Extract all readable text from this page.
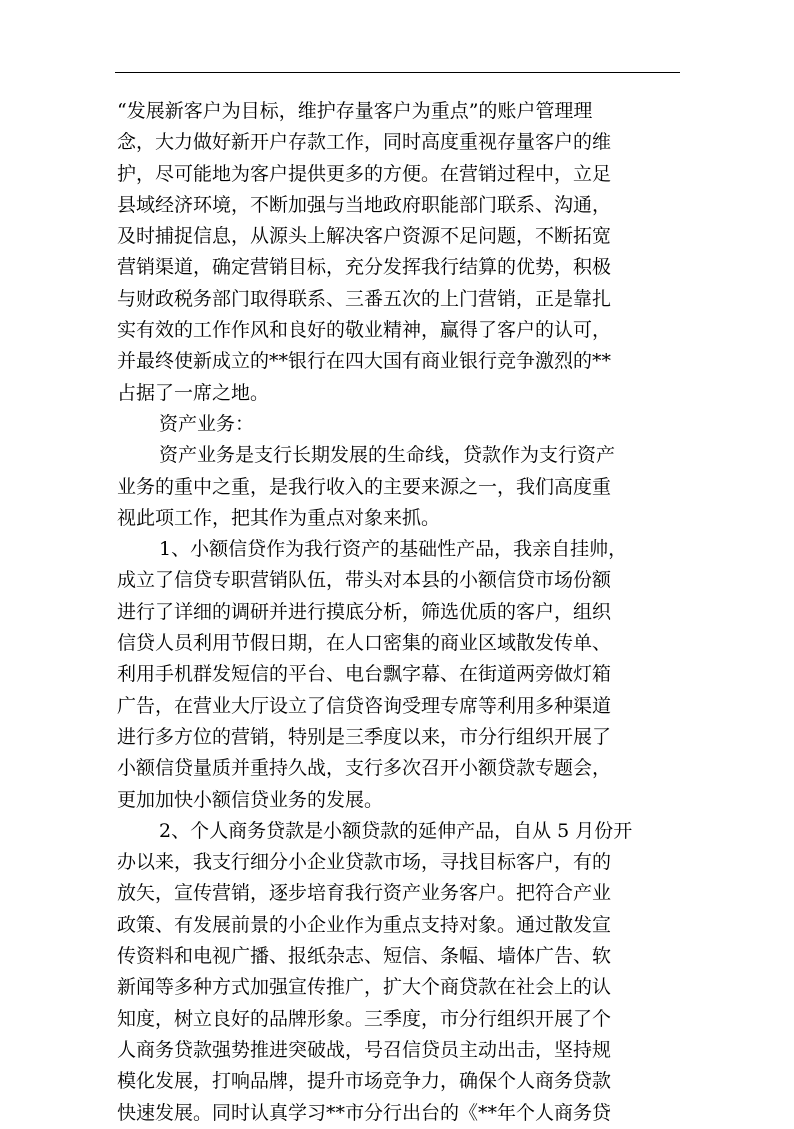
“发展新客户为目标，维护存量客户为重点”的账户管理理
念，大力做好新开户存款工作，同时高度重视存量客户的维
护，尽可能地为客户提供更多的方便。在营销过程中，立足
县域经济环境，不断加强与当地政府职能部门联系、沟通，
及时捕捉信息，从源头上解决客户资源不足问题，不断拓宽
营销渠道，确定营销目标，充分发挥我行结算的优势，积极
与财政税务部门取得联系、三番五次的上门营销，正是靠扎
实有效的工作作风和良好的敬业精神，赢得了客户的认可，
并最终使新成立的**银行在四大国有商业银行竞争激烈的**
占据了一席之地。

资产业务：

资产业务是支行长期发展的生命线，贷款作为支行资产
业务的重中之重，是我行收入的主要来源之一，我们高度重
视此项工作，把其作为重点对象来抓。

1、小额信贷作为我行资产的基础性产品，我亲自挂帅，
成立了信贷专职营销队伍，带头对本县的小额信贷市场份额
进行了详细的调研并进行摸底分析，筛选优质的客户，组织
信贷人员利用节假日期，在人口密集的商业区域散发传单、
利用手机群发短信的平台、电台飘字幕、在街道两旁做灯箱
广告，在营业大厅设立了信贷咨询受理专席等利用多种渠道
进行多方位的营销，特别是三季度以来，市分行组织开展了
小额信贷量质并重持久战，支行多次召开小额贷款专题会，
更加加快小额信贷业务的发展。

2、个人商务贷款是小额贷款的延伸产品，自从 5 月份开
办以来，我支行细分小企业贷款市场，寻找目标客户，有的
放矢，宣传营销，逐步培育我行资产业务客户。把符合产业
政策、有发展前景的小企业作为重点支持对象。通过散发宣
传资料和电视广播、报纸杂志、短信、条幅、墙体广告、软
新闻等多种方式加强宣传推广，扩大个商贷款在社会上的认
知度，树立良好的品牌形象。三季度，市分行组织开展了个
人商务贷款强势推进突破战，号召信贷员主动出击，坚持规
模化发展，打响品牌，提升市场竞争力，确保个人商务贷款
快速发展。同时认真学习**市分行出台的《**年个人商务贷
